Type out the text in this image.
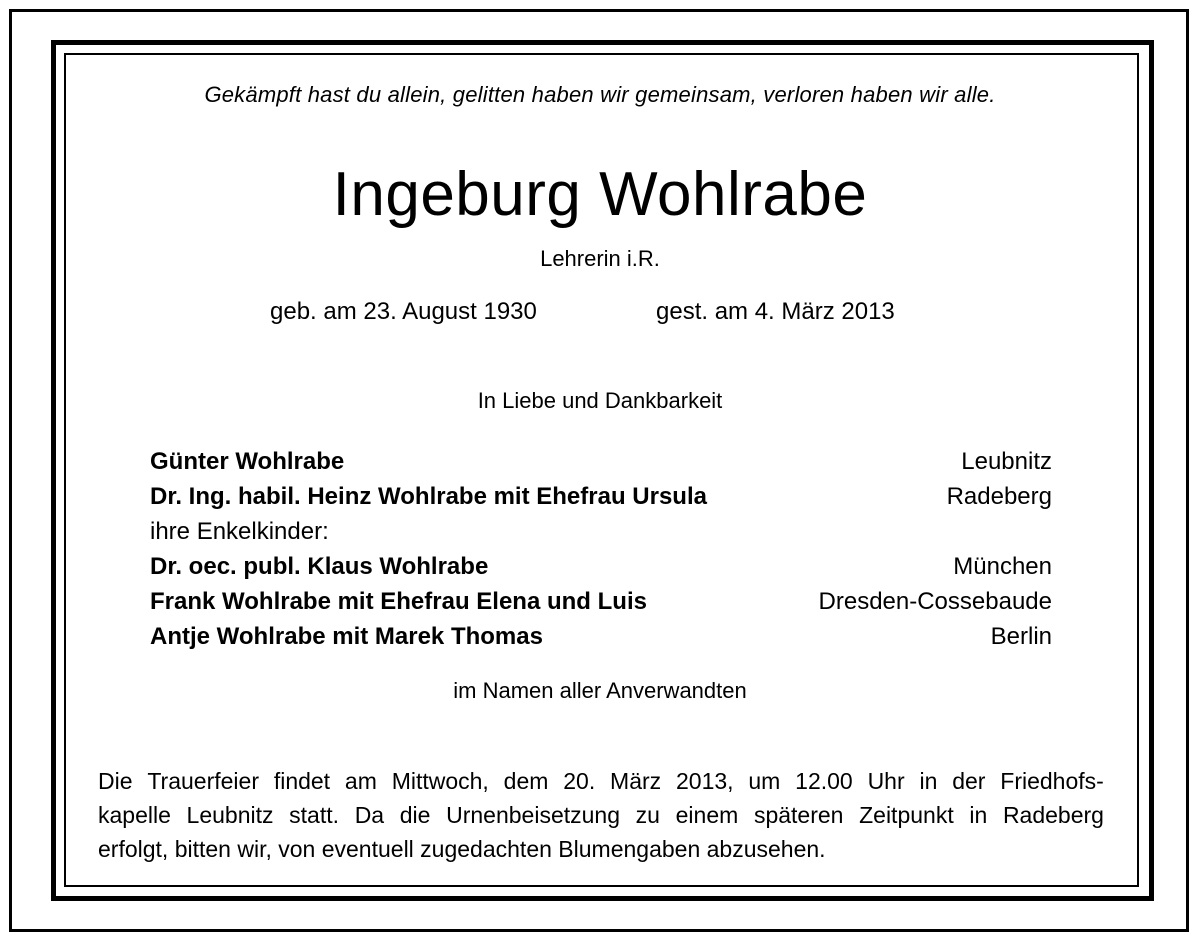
Gekämpft hast du allein, gelitten haben wir gemeinsam, verloren haben wir alle.
Ingeburg Wohlrabe
Lehrerin i.R.
geb. am 23. August 1930	gest. am 4. März 2013
In Liebe und Dankbarkeit
Günter Wohlrabe	Leubnitz
Dr. Ing. habil. Heinz Wohlrabe mit Ehefrau Ursula	Radeberg
ihre Enkelkinder:
Dr. oec. publ. Klaus Wohlrabe	München
Frank Wohlrabe mit Ehefrau Elena und Luis	Dresden-Cossebaude
Antje Wohlrabe mit Marek Thomas	Berlin
im Namen aller Anverwandten
Die Trauerfeier findet am Mittwoch, dem 20. März 2013, um 12.00 Uhr in der Friedhofs-
kapelle Leubnitz statt. Da die Urnenbeisetzung zu einem späteren Zeitpunkt in Radeberg
erfolgt, bitten wir, von eventuell zugedachten Blumengaben abzusehen.
